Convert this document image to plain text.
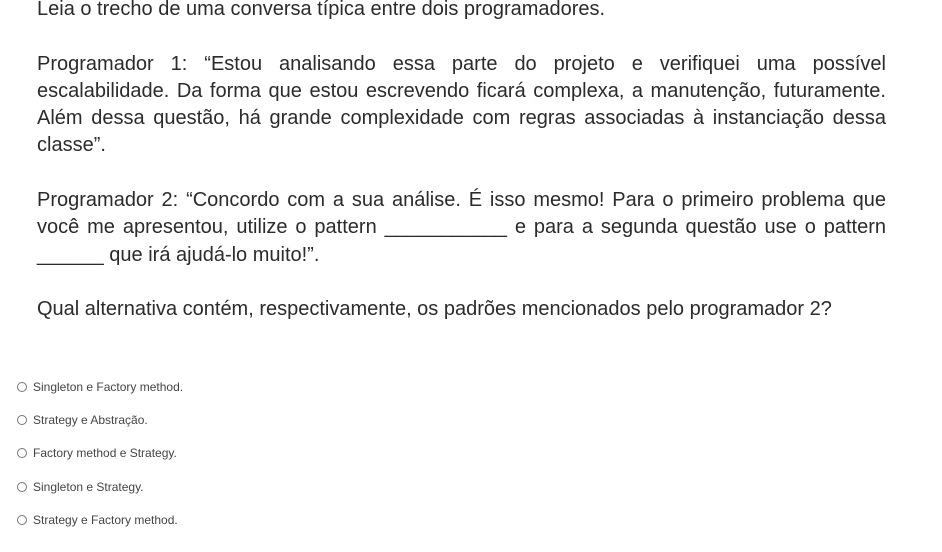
Leia o trecho de uma conversa típica entre dois programadores.

Programador 1: “Estou analisando essa parte do projeto e verifiquei uma possível escalabilidade. Da forma que estou escrevendo ficará complexa, a manutenção, futuramente. Além dessa questão, há grande complexidade com regras associadas à instanciação dessa classe”.

Programador 2: “Concordo com a sua análise. É isso mesmo! Para o primeiro problema que você me apresentou, utilize o pattern ___________ e para a segunda questão use o pattern ______ que irá ajudá-lo muito!”.

Qual alternativa contém, respectivamente, os padrões mencionados pelo programador 2?

Singleton e Factory method.
Strategy e Abstração.
Factory method e Strategy.
Singleton e Strategy.
Strategy e Factory method.
